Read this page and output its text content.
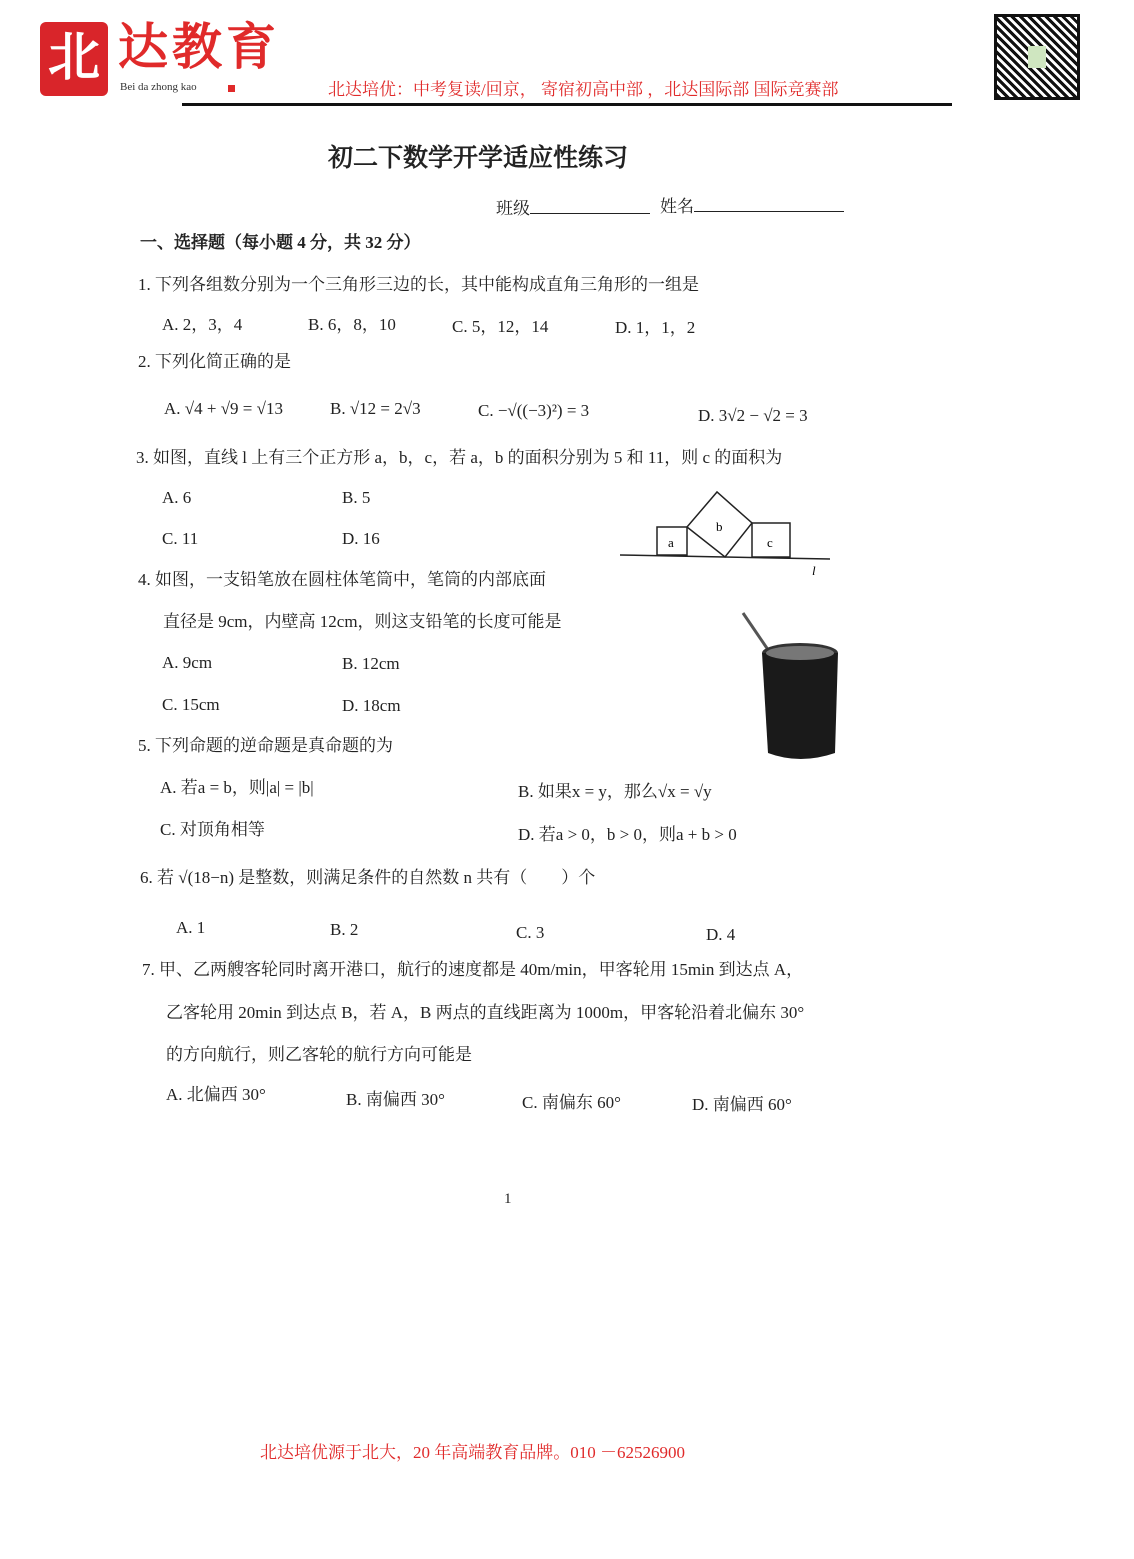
北 达教育
Bei da zhong kao	北达培优：中考复读/回京， 寄宿初高中部 ，北达国际部 国际竞赛部
初二下数学开学适应性练习
班级	姓名
一、选择题（每小题 4 分，共 32 分）
1. 下列各组数分别为一个三角形三边的长，其中能构成直角三角形的一组是
A. 2，3，4	B. 6，8，10	C. 5，12，14	D. 1，1，2
2. 下列化简正确的是
A. √4 + √9 = √13	B. √12 = 2√3	C. −√((−3)²) = 3	D. 3√2 − √2 = 3
3. 如图，直线 l 上有三个正方形 a，b，c，若 a，b 的面积分别为 5 和 11，则 c 的面积为
A. 6	B. 5
C. 11	D. 16	a
b
c
l
4. 如图，一支铅笔放在圆柱体笔筒中，笔筒的内部底面
直径是 9cm，内壁高 12cm，则这支铅笔的长度可能是
A. 9cm	B. 12cm
C. 15cm	D. 18cm
5. 下列命题的逆命题是真命题的为
A. 若a = b，则|a| = |b|	B. 如果x = y，那么√x = √y
C. 对顶角相等	D. 若a > 0，b > 0，则a + b > 0
6. 若 √(18−n) 是整数，则满足条件的自然数 n 共有（　　）个
A. 1	B. 2	C. 3	D. 4
7. 甲、乙两艘客轮同时离开港口，航行的速度都是 40m/min，甲客轮用 15min 到达点 A，
乙客轮用 20min 到达点 B，若 A，B 两点的直线距离为 1000m，甲客轮沿着北偏东 30°
的方向航行，则乙客轮的航行方向可能是
A. 北偏西 30°	B. 南偏西 30°	C. 南偏东 60°	D. 南偏西 60°
1
北达培优源于北大，20 年高端教育品牌。010 －62526900
